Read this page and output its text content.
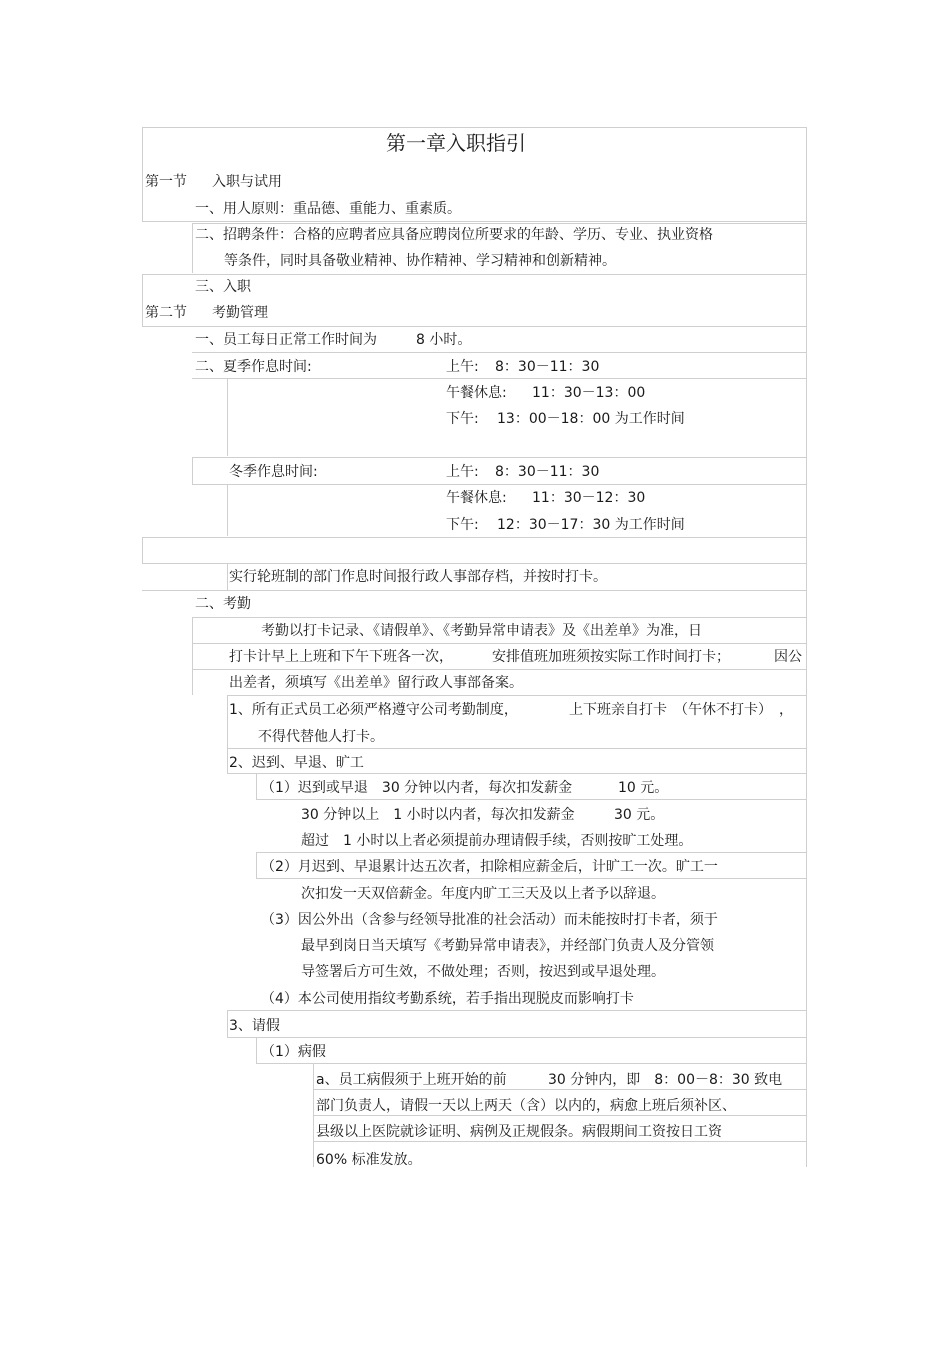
第一章入职指引
第一节 入职与试用
一、用人原则：重品德、重能力、重素质。
二、招聘条件：合格的应聘者应具备应聘岗位所要求的年龄、学历、专业、执业资格
等条件，同时具备敬业精神、协作精神、学习精神和创新精神。
三、入职
第二节 考勤管理
一、员工每日正常工作时间为	8 小时。
二、夏季作息时间:	上午: 8：30－11：30
午餐休息: 11：30－13：00
下午: 13：00－18：00 为工作时间
冬季作息时间:	上午: 8：30－11：30
午餐休息: 11：30－12：30
下午: 12：30－17：30 为工作时间
实行轮班制的部门作息时间报行政人事部存档，并按时打卡。
二、考勤
考勤以打卡记录、《请假单》、《考勤异常申请表》及《出差单》为准，日
打卡计早上上班和下午下班各一次，	安排值班加班须按实际工作时间打卡；	因公
出差者，须填写《出差单》留行政人事部备案。
1、所有正式员工必须严格遵守公司考勤制度，	上下班亲自打卡　（午休不打卡）　，
不得代替他人打卡。
2、迟到、早退、旷工
（1）迟到或早退　30 分钟以内者，每次扣发薪金	10 元。
30 分钟以上　1 小时以内者，每次扣发薪金	30 元。
超过　1 小时以上者必须提前办理请假手续，否则按旷工处理。
（2）月迟到、早退累计达五次者，扣除相应薪金后，计旷工一次。旷工一
次扣发一天双倍薪金。年度内旷工三天及以上者予以辞退。
（3）因公外出（含参与经领导批准的社会活动）而未能按时打卡者，须于
最早到岗日当天填写《考勤异常申请表》，并经部门负责人及分管领
导签署后方可生效，不做处理；否则，按迟到或早退处理。
（4）本公司使用指纹考勤系统，若手指出现脱皮而影响打卡
3、请假
（1）病假
a、员工病假须于上班开始的前	30 分钟内，即　8：00－8：30 致电
部门负责人，请假一天以上两天（含）以内的，病愈上班后须补区、
县级以上医院就诊证明、病例及正规假条。病假期间工资按日工资
60% 标准发放。
